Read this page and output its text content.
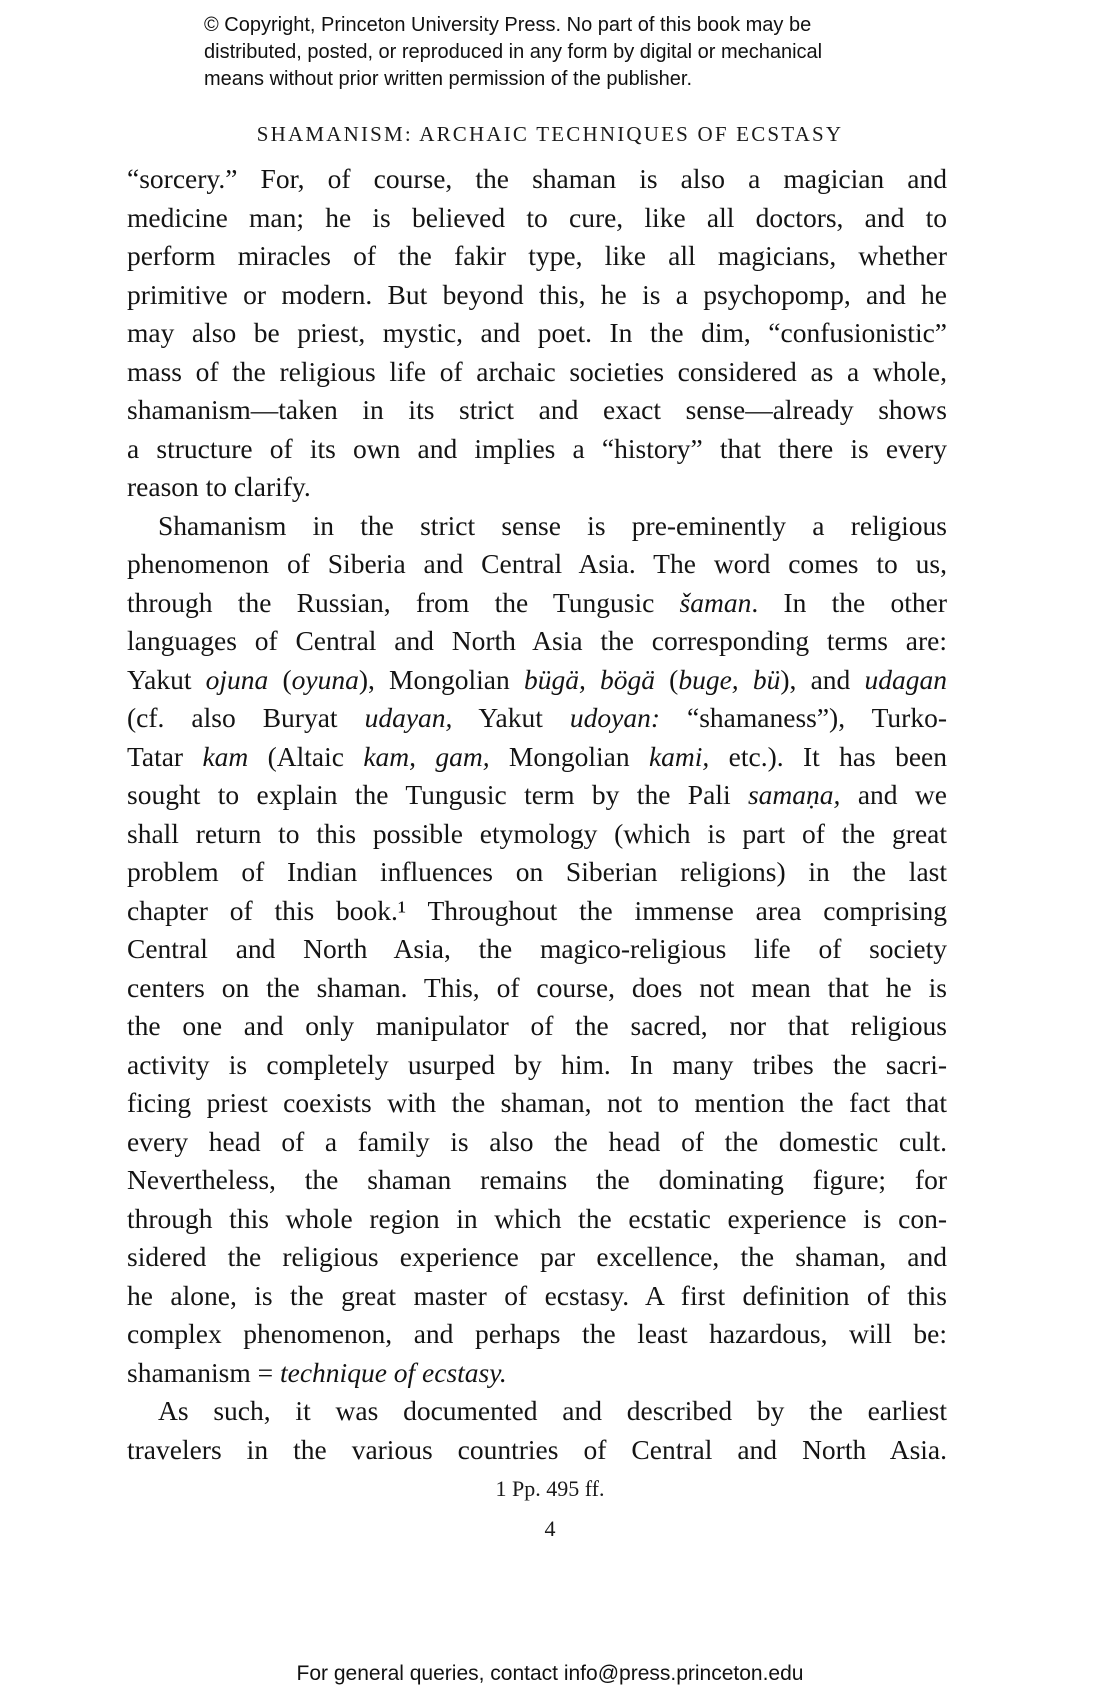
© Copyright, Princeton University Press. No part of this book may be
distributed, posted, or reproduced in any form by digital or mechanical
means without prior written permission of the publisher.
SHAMANISM: ARCHAIC TECHNIQUES OF ECSTASY
“sorcery.” For, of course, the shaman is also a magician and
medicine man; he is believed to cure, like all doctors, and to
perform miracles of the fakir type, like all magicians, whether
primitive or modern. But beyond this, he is a psychopomp, and he
may also be priest, mystic, and poet. In the dim, “confusionistic”
mass of the religious life of archaic societies considered as a whole,
shamanism—taken in its strict and exact sense—already shows
a structure of its own and implies a “history” that there is every
reason to clarify.
Shamanism in the strict sense is pre-eminently a religious
phenomenon of Siberia and Central Asia. The word comes to us,
through the Russian, from the Tungusic šaman. In the other
languages of Central and North Asia the corresponding terms are:
Yakut ojuna (oyuna), Mongolian bügä, bögä (buge, bü), and udagan
(cf. also Buryat udayan, Yakut udoyan: “shamaness”), Turko-
Tatar kam (Altaic kam, gam, Mongolian kami, etc.). It has been
sought to explain the Tungusic term by the Pali samaṇa, and we
shall return to this possible etymology (which is part of the great
problem of Indian influences on Siberian religions) in the last
chapter of this book.¹ Throughout the immense area comprising
Central and North Asia, the magico-religious life of society
centers on the shaman. This, of course, does not mean that he is
the one and only manipulator of the sacred, nor that religious
activity is completely usurped by him. In many tribes the sacri-
ficing priest coexists with the shaman, not to mention the fact that
every head of a family is also the head of the domestic cult.
Nevertheless, the shaman remains the dominating figure; for
through this whole region in which the ecstatic experience is con-
sidered the religious experience par excellence, the shaman, and
he alone, is the great master of ecstasy. A first definition of this
complex phenomenon, and perhaps the least hazardous, will be:
shamanism = technique of ecstasy.
As such, it was documented and described by the earliest
travelers in the various countries of Central and North Asia.
1 Pp. 495 ff.
4
For general queries, contact info@press.princeton.edu
